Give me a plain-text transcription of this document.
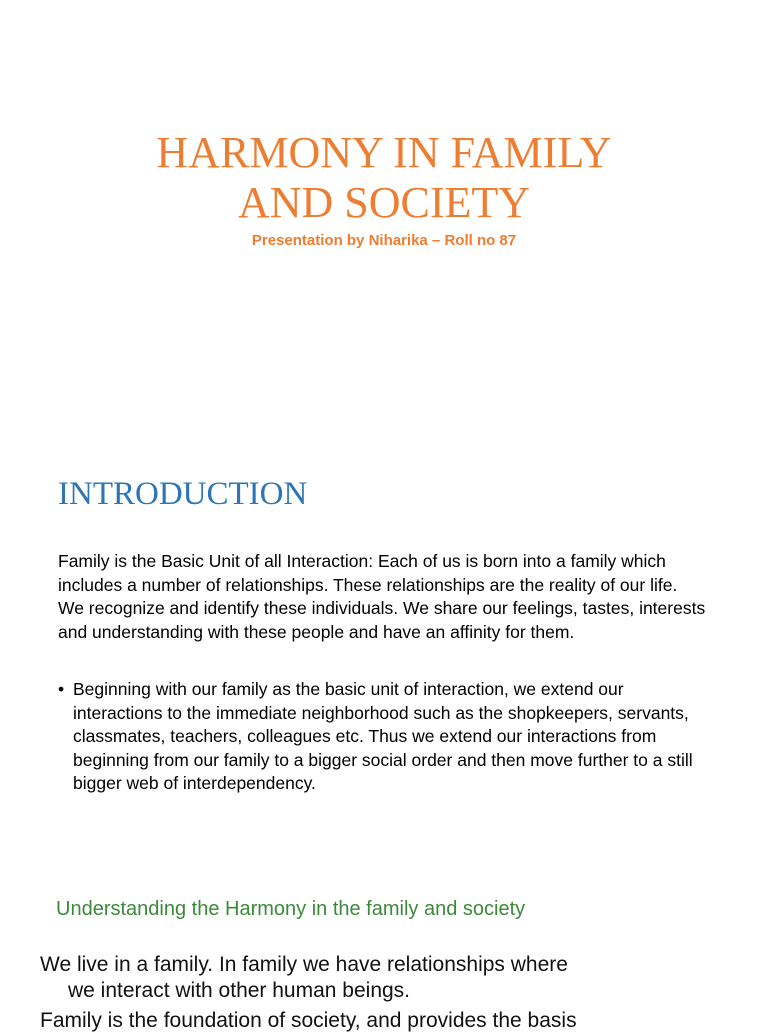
HARMONY IN FAMILY
AND SOCIETY
Presentation by Niharika – Roll no 87
INTRODUCTION
Family is the Basic Unit of all Interaction: Each of us is born into a family which includes a number of relationships. These relationships are the reality of our life. We recognize and identify these individuals. We share our feelings, tastes, interests and understanding with these people and have an affinity for them.
• Beginning with our family as the basic unit of interaction, we extend our interactions to the immediate neighborhood such as the shopkeepers, servants, classmates, teachers, colleagues etc. Thus we extend our interactions from beginning from our family to a bigger social order and then move further to a still bigger web of interdependency.
Understanding the Harmony in the family and society
We live in a family. In family we have relationships where
we interact with other human beings.
Family is the foundation of society, and provides the basis
